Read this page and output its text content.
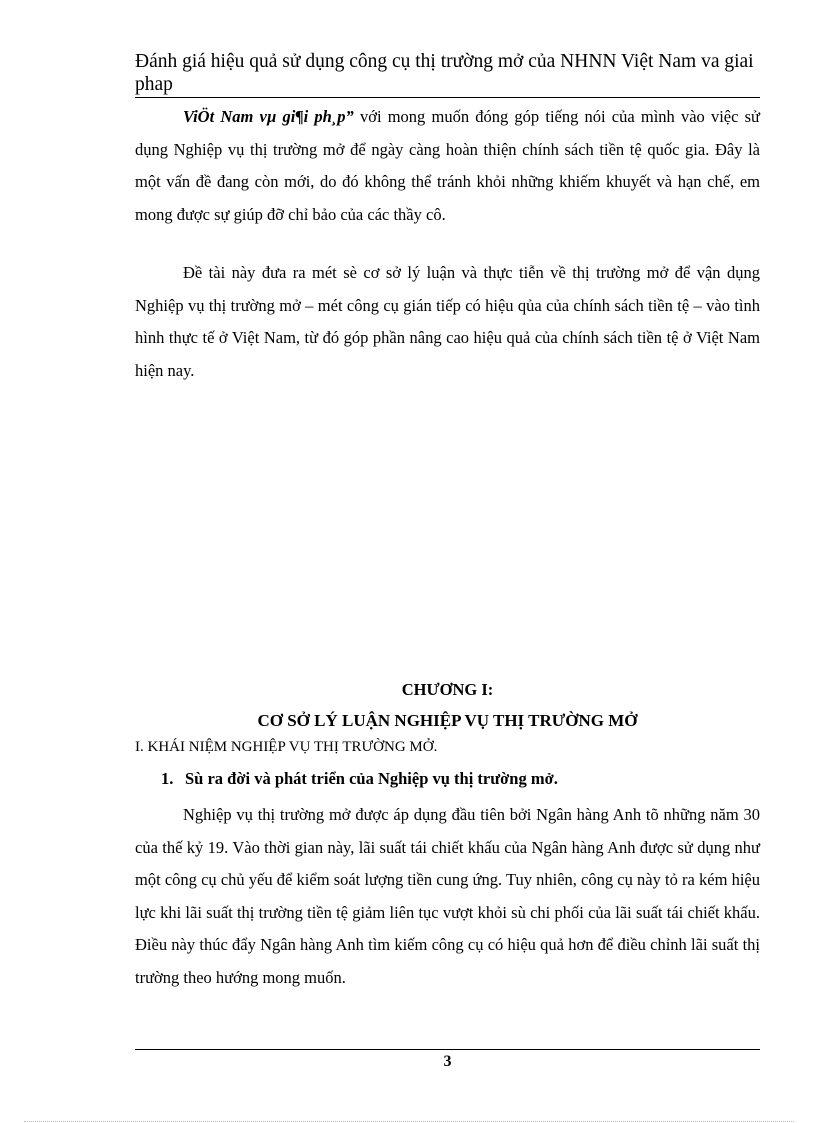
Đánh giá hiệu quả sử dụng công cụ thị trường mở của NHNN Việt Nam va giai phap

ViÖt Nam vµ gi¶i ph¸p” với mong muốn đóng góp tiếng nói của mình vào việc sử dụng Nghiệp vụ thị trường mở để ngày càng hoàn thiện chính sách tiền tệ quốc gia. Đây là một vấn đề đang còn mới, do đó không thể tránh khỏi những khiếm khuyết và hạn chế, em mong được sự giúp đỡ chỉ bảo của các thầy cô.

Đề tài này đưa ra mét sè cơ sở lý luận và thực tiễn về thị trường mở để vận dụng Nghiệp vụ thị trường mở – mét công cụ gián tiếp có hiệu qủa của chính sách tiền tệ – vào tình hình thực tế ở Việt Nam, từ đó góp phần nâng cao hiệu quả của chính sách tiền tệ ở Việt Nam hiện nay.

CHƯƠNG I:
CƠ SỞ LÝ LUẬN NGHIỆP VỤ THỊ TRƯỜNG MỞ
I. KHÁI NIỆM NGHIỆP VỤ THỊ TRƯỜNG MỞ.
1. Sù ra đời và phát triển của Nghiệp vụ thị trường mở.

Nghiệp vụ thị trường mở được áp dụng đầu tiên bởi Ngân hàng Anh tõ những năm 30 của thế kỷ 19. Vào thời gian này, lãi suất tái chiết khấu của Ngân hàng Anh được sử dụng như một công cụ chủ yếu để kiểm soát lượng tiền cung ứng. Tuy nhiên, công cụ này tỏ ra kém hiệu lực khi lãi suất thị trường tiền tệ giảm liên tục vượt khỏi sù chi phối của lãi suất tái chiết khấu. Điều này thúc đẩy Ngân hàng Anh tìm kiếm công cụ có hiệu quả hơn để điều chỉnh lãi suất thị trường theo hướng mong muốn.

3
